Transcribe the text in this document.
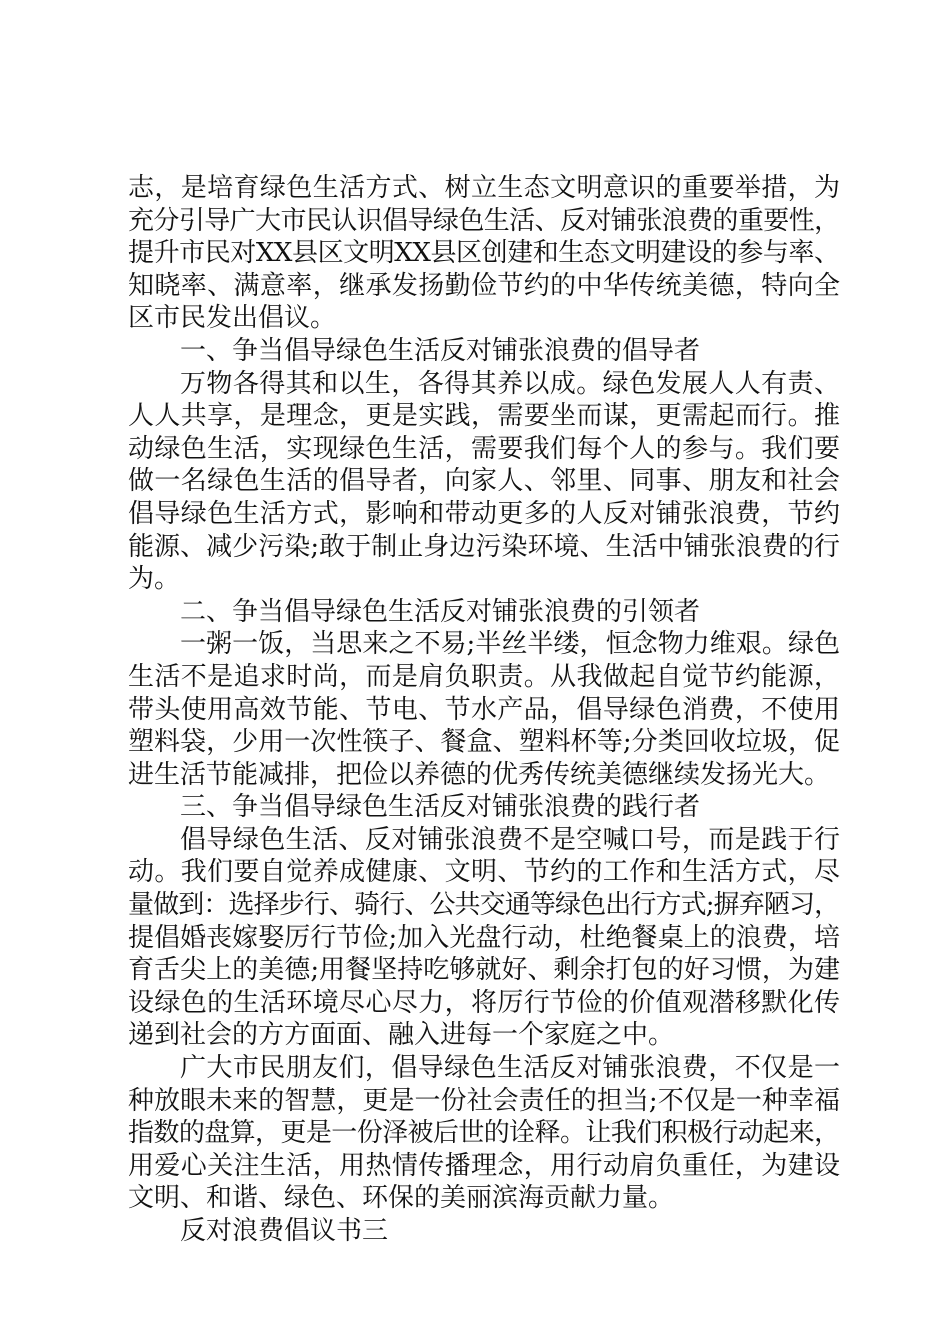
志，是培育绿色生活方式、树立生态文明意识的重要举措，为
充分引导广大市民认识倡导绿色生活、反对铺张浪费的重要性，
提升市民对XX县区文明XX县区创建和生态文明建设的参与率、
知晓率、满意率，继承发扬勤俭节约的中华传统美德，特向全
区市民发出倡议。
一、争当倡导绿色生活反对铺张浪费的倡导者
万物各得其和以生，各得其养以成。绿色发展人人有责、
人人共享，是理念，更是实践，需要坐而谋，更需起而行。推
动绿色生活，实现绿色生活，需要我们每个人的参与。我们要
做一名绿色生活的倡导者，向家人、邻里、同事、朋友和社会
倡导绿色生活方式，影响和带动更多的人反对铺张浪费，节约
能源、减少污染;敢于制止身边污染环境、生活中铺张浪费的行
为。
二、争当倡导绿色生活反对铺张浪费的引领者
一粥一饭，当思来之不易;半丝半缕，恒念物力维艰。绿色
生活不是追求时尚，而是肩负职责。从我做起自觉节约能源，
带头使用高效节能、节电、节水产品，倡导绿色消费，不使用
塑料袋，少用一次性筷子、餐盒、塑料杯等;分类回收垃圾，促
进生活节能减排，把俭以养德的优秀传统美德继续发扬光大。
三、争当倡导绿色生活反对铺张浪费的践行者
倡导绿色生活、反对铺张浪费不是空喊口号，而是践于行
动。我们要自觉养成健康、文明、节约的工作和生活方式，尽
量做到：选择步行、骑行、公共交通等绿色出行方式;摒弃陋习，
提倡婚丧嫁娶厉行节俭;加入光盘行动，杜绝餐桌上的浪费，培
育舌尖上的美德;用餐坚持吃够就好、剩余打包的好习惯，为建
设绿色的生活环境尽心尽力，将厉行节俭的价值观潜移默化传
递到社会的方方面面、融入进每一个家庭之中。
广大市民朋友们，倡导绿色生活反对铺张浪费，不仅是一
种放眼未来的智慧，更是一份社会责任的担当;不仅是一种幸福
指数的盘算，更是一份泽被后世的诠释。让我们积极行动起来，
用爱心关注生活，用热情传播理念，用行动肩负重任，为建设
文明、和谐、绿色、环保的美丽滨海贡献力量。
反对浪费倡议书三
